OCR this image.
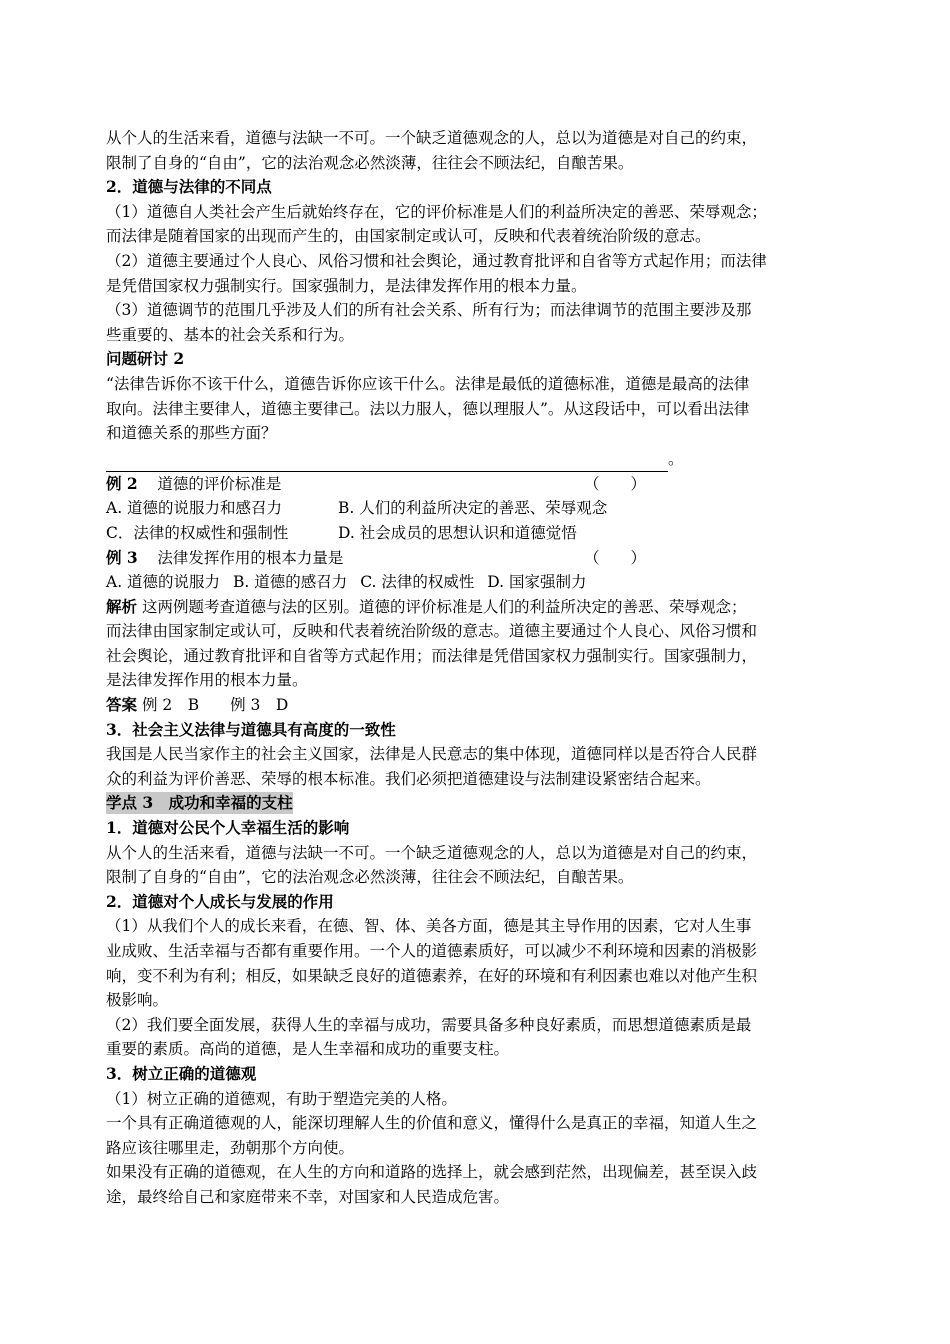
从个人的生活来看，道德与法缺一不可。一个缺乏道德观念的人，总以为道德是对自己的约束，
限制了自身的“自由”，它的法治观念必然淡薄，往往会不顾法纪，自酿苦果。
2．道德与法律的不同点
（1）道德自人类社会产生后就始终存在，它的评价标准是人们的利益所决定的善恶、荣辱观念；
而法律是随着国家的出现而产生的，由国家制定或认可，反映和代表着统治阶级的意志。
（2）道德主要通过个人良心、风俗习惯和社会舆论，通过教育批评和自省等方式起作用；而法律
是凭借国家权力强制实行。国家强制力，是法律发挥作用的根本力量。
（3）道德调节的范围几乎涉及人们的所有社会关系、所有行为；而法律调节的范围主要涉及那
些重要的、基本的社会关系和行为。
问题研讨 2
“法律告诉你不该干什么，道德告诉你应该干什么。法律是最低的道德标准，道德是最高的法律
取向。法律主要律人，道德主要律己。法以力服人，德以理服人”。从这段话中，可以看出法律
和道德关系的那些方面？
。
例 2 道德的评价标准是	（　　）
A. 道德的说服力和感召力	B. 人们的利益所决定的善恶、荣辱观念
C．法律的权威性和强制性	D. 社会成员的思想认识和道德觉悟
例 3 法律发挥作用的根本力量是	（　　）
A. 道德的说服力 B. 道德的感召力 C. 法律的权威性 D. 国家强制力
解析 这两例题考查道德与法的区别。道德的评价标准是人们的利益所决定的善恶、荣辱观念；
而法律由国家制定或认可，反映和代表着统治阶级的意志。道德主要通过个人良心、风俗习惯和
社会舆论，通过教育批评和自省等方式起作用；而法律是凭借国家权力强制实行。国家强制力，
是法律发挥作用的根本力量。
答案 例 2　B　　例 3　D
3．社会主义法律与道德具有高度的一致性
我国是人民当家作主的社会主义国家，法律是人民意志的集中体现，道德同样以是否符合人民群
众的利益为评价善恶、荣辱的根本标准。我们必须把道德建设与法制建设紧密结合起来。
学点 3　成功和幸福的支柱
1．道德对公民个人幸福生活的影响
从个人的生活来看，道德与法缺一不可。一个缺乏道德观念的人，总以为道德是对自己的约束，
限制了自身的“自由”，它的法治观念必然淡薄，往往会不顾法纪，自酿苦果。
2．道德对个人成长与发展的作用
（1）从我们个人的成长来看，在德、智、体、美各方面，德是其主导作用的因素，它对人生事
业成败、生活幸福与否都有重要作用。一个人的道德素质好，可以减少不利环境和因素的消极影
响，变不利为有利；相反，如果缺乏良好的道德素养，在好的环境和有利因素也难以对他产生积
极影响。
（2）我们要全面发展，获得人生的幸福与成功，需要具备多种良好素质，而思想道德素质是最
重要的素质。高尚的道德，是人生幸福和成功的重要支柱。
3．树立正确的道德观
（1）树立正确的道德观，有助于塑造完美的人格。
一个具有正确道德观的人，能深切理解人生的价值和意义，懂得什么是真正的幸福，知道人生之
路应该往哪里走，劲朝那个方向使。
如果没有正确的道德观，在人生的方向和道路的选择上，就会感到茫然，出现偏差，甚至误入歧
途，最终给自己和家庭带来不幸，对国家和人民造成危害。
